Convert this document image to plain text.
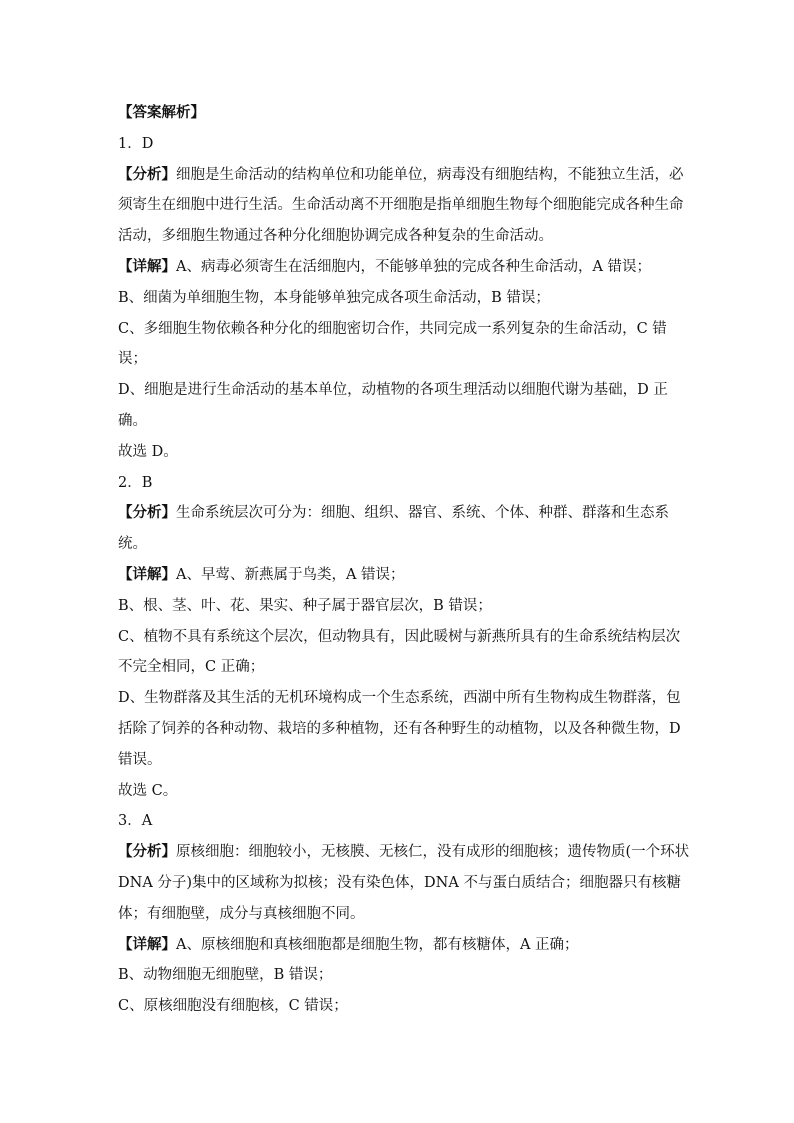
【答案解析】
1．D
【分析】细胞是生命活动的结构单位和功能单位，病毒没有细胞结构，不能独立生活，必
须寄生在细胞中进行生活。生命活动离不开细胞是指单细胞生物每个细胞能完成各种生命
活动，多细胞生物通过各种分化细胞协调完成各种复杂的生命活动。
【详解】A、病毒必须寄生在活细胞内，不能够单独的完成各种生命活动，A 错误；
B、细菌为单细胞生物，本身能够单独完成各项生命活动，B 错误；
C、多细胞生物依赖各种分化的细胞密切合作，共同完成一系列复杂的生命活动，C 错
误；
D、细胞是进行生命活动的基本单位，动植物的各项生理活动以细胞代谢为基础，D 正
确。
故选 D。
2．B
【分析】生命系统层次可分为：细胞、组织、器官、系统、个体、种群、群落和生态系
统。
【详解】A、早莺、新燕属于鸟类，A 错误；
B、根、茎、叶、花、果实、种子属于器官层次，B 错误；
C、植物不具有系统这个层次，但动物具有，因此暖树与新燕所具有的生命系统结构层次
不完全相同，C 正确；
D、生物群落及其生活的无机环境构成一个生态系统，西湖中所有生物构成生物群落，包
括除了饲养的各种动物、栽培的多种植物，还有各种野生的动植物，以及各种微生物，D
错误。
故选 C。
3．A
【分析】原核细胞：细胞较小，无核膜、无核仁，没有成形的细胞核；遗传物质(一个环状
DNA 分子)集中的区域称为拟核；没有染色体，DNA 不与蛋白质结合；细胞器只有核糖
体；有细胞壁，成分与真核细胞不同。
【详解】A、原核细胞和真核细胞都是细胞生物，都有核糖体，A 正确；
B、动物细胞无细胞壁，B 错误；
C、原核细胞没有细胞核，C 错误；
